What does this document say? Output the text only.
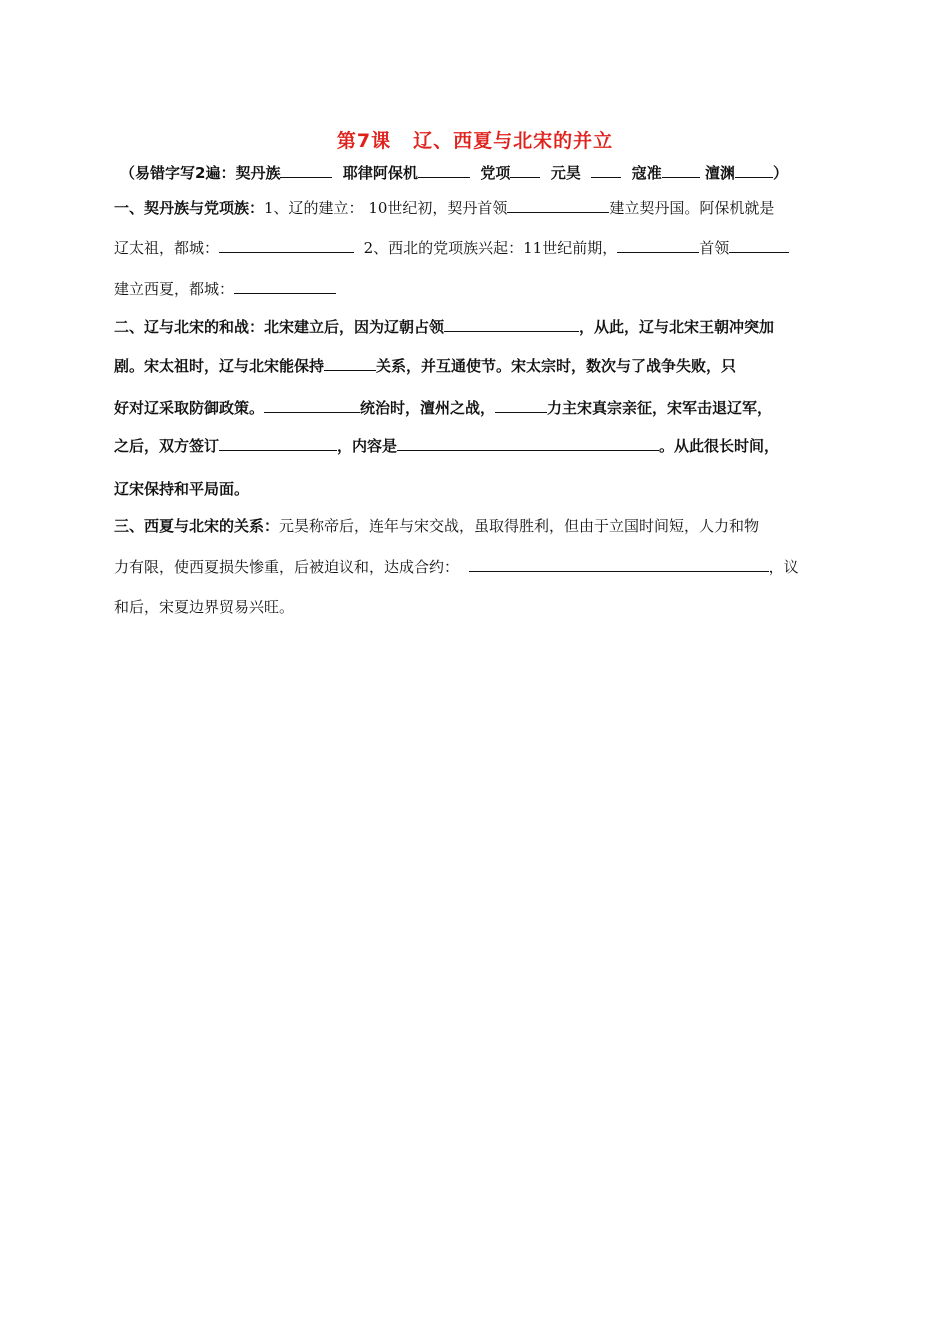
第7课 辽、西夏与北宋的并立
（易错字写2遍：契丹族	耶律阿保机	党项	元昊	寇准	澶渊	）
一、契丹族与党项族：1、辽的建立： 10世纪初，契丹首领	建立契丹国。阿保机就是
辽太祖，都城：	2、西北的党项族兴起：11世纪前期，	首领
建立西夏，都城：
二、辽与北宋的和战：北宋建立后，因为辽朝占领	，从此，辽与北宋王朝冲突加
剧。宋太祖时，辽与北宋能保持	关系，并互通使节。宋太宗时，数次与了战争失败，只
好对辽采取防御政策。	统治时，澶州之战，	力主宋真宗亲征，宋军击退辽军，
之后，双方签订	，内容是	。从此很长时间，
辽宋保持和平局面。
三、西夏与北宋的关系：元昊称帝后，连年与宋交战，虽取得胜利，但由于立国时间短，人力和物
力有限，使西夏损失惨重，后被迫议和，达成合约：	，议
和后，宋夏边界贸易兴旺。
